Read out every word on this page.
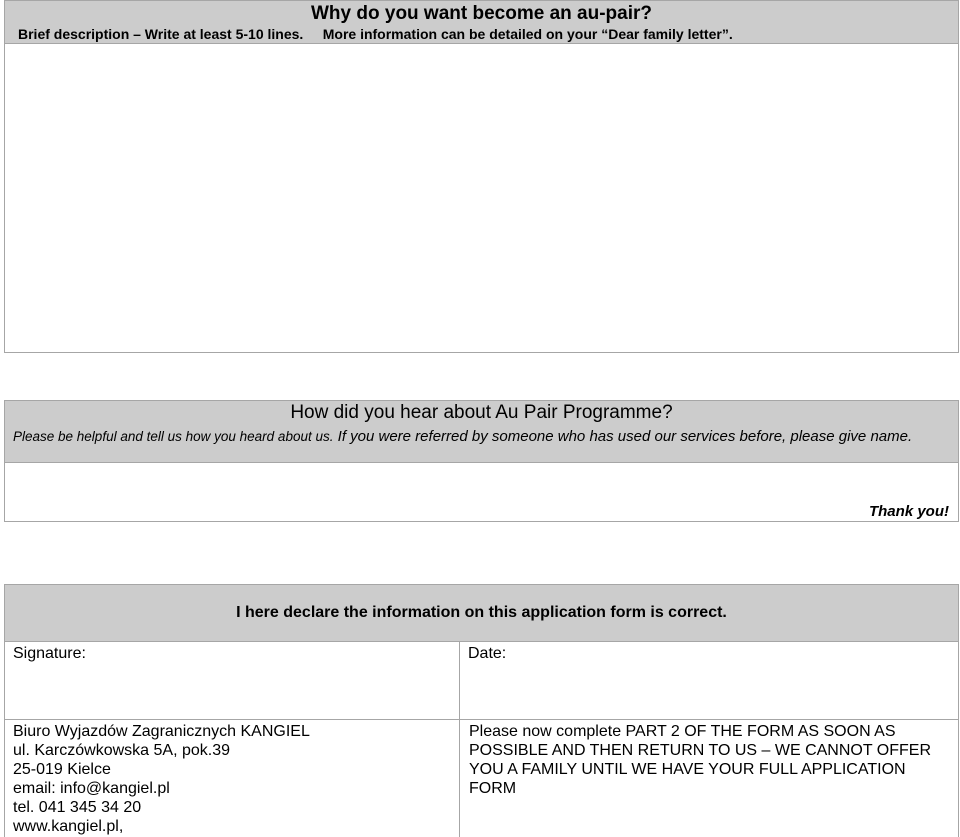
Why do you want become an au-pair?
Brief description – Write at least 5-10 lines.     More information can be detailed on your “Dear family letter”.
How did you hear about Au Pair Programme?
Please be helpful and tell us how you heard about us. If you were referred by someone who has used our services before, please give name.
Thank you!
I here declare the information on this application form is correct.
Signature:	Date:
Biuro Wyjazdów Zagranicznych KANGIEL
ul. Karczówkowska 5A, pok.39
25-019 Kielce
email: info@kangiel.pl
tel. 041 345 34 20
www.kangiel.pl,
Please now complete PART 2 OF THE FORM AS SOON AS POSSIBLE AND THEN RETURN TO US – WE CANNOT OFFER YOU A FAMILY UNTIL WE HAVE YOUR FULL APPLICATION FORM
